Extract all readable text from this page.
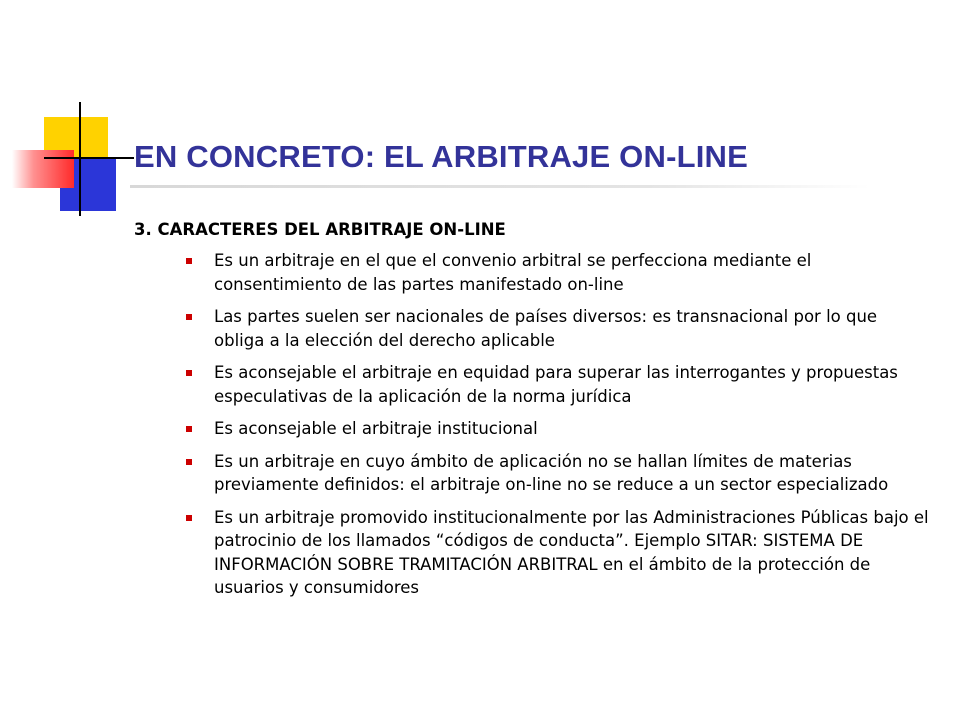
EN CONCRETO: EL ARBITRAJE ON-LINE
3. CARACTERES DEL ARBITRAJE ON-LINE
Es un arbitraje en el que el convenio arbitral se perfecciona mediante el consentimiento de las partes manifestado on-line
Las partes suelen ser nacionales de países diversos: es transnacional por lo que obliga a la elección del derecho aplicable
Es aconsejable el arbitraje en equidad para superar las interrogantes y propuestas especulativas de la aplicación de la norma jurídica
Es aconsejable el arbitraje institucional
Es un arbitraje en cuyo ámbito de aplicación no se hallan límites de materias previamente definidos: el arbitraje on-line no se reduce a un sector especializado
Es un arbitraje promovido institucionalmente por las Administraciones Públicas bajo el patrocinio de los llamados “códigos de conducta”. Ejemplo SITAR: SISTEMA DE INFORMACIÓN SOBRE TRAMITACIÓN ARBITRAL en el ámbito de la protección de usuarios y consumidores
